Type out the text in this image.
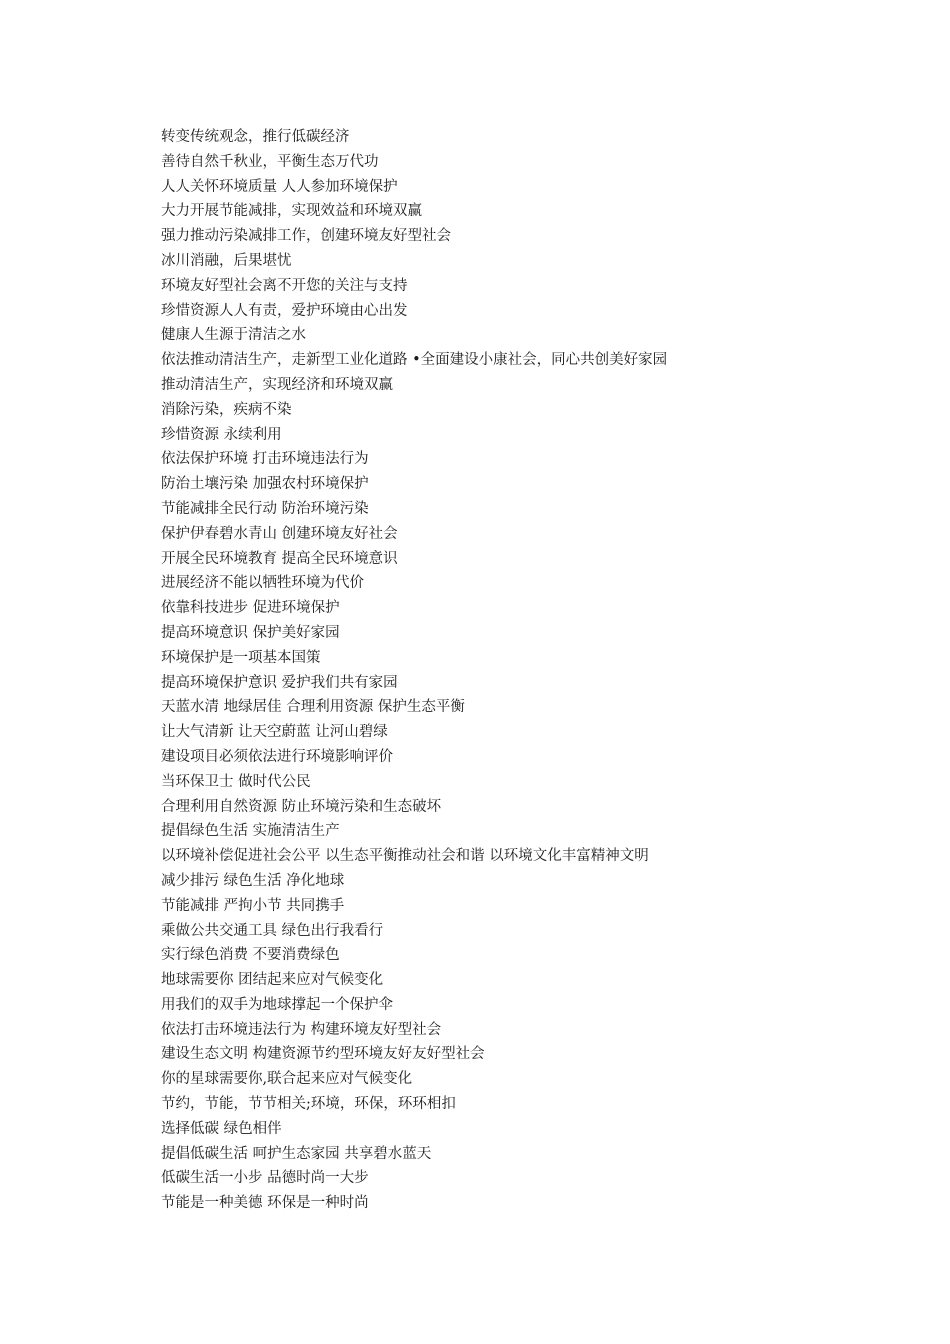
转变传统观念，推行低碳经济
善待自然千秋业，平衡生态万代功
人人关怀环境质量 人人参加环境保护
大力开展节能减排，实现效益和环境双赢
强力推动污染减排工作，创建环境友好型社会
冰川消融，后果堪忧
环境友好型社会离不开您的关注与支持
珍惜资源人人有责，爱护环境由心出发
健康人生源于清洁之水
依法推动清洁生产，走新型工业化道路 •全面建设小康社会，同心共创美好家园
推动清洁生产，实现经济和环境双赢
消除污染，疾病不染
珍惜资源 永续利用
依法保护环境 打击环境违法行为
防治土壤污染 加强农村环境保护
节能减排全民行动 防治环境污染
保护伊春碧水青山 创建环境友好社会
开展全民环境教育 提高全民环境意识
进展经济不能以牺牲环境为代价
依靠科技进步 促进环境保护
提高环境意识 保护美好家园
环境保护是一项基本国策
提高环境保护意识 爱护我们共有家园
天蓝水清 地绿居佳 合理利用资源 保护生态平衡
让大气清新 让天空蔚蓝 让河山碧绿
建设项目必须依法进行环境影响评价
当环保卫士 做时代公民
合理利用自然资源 防止环境污染和生态破坏
提倡绿色生活 实施清洁生产
以环境补偿促进社会公平 以生态平衡推动社会和谐 以环境文化丰富精神文明
减少排污 绿色生活 净化地球
节能减排 严拘小节 共同携手
乘做公共交通工具 绿色出行我看行
实行绿色消费 不要消费绿色
地球需要你 团结起来应对气候变化
用我们的双手为地球撑起一个保护伞
依法打击环境违法行为 构建环境友好型社会
建设生态文明 构建资源节约型环境友好友好型社会
你的星球需要你,联合起来应对气候变化
节约，节能，节节相关;环境，环保，环环相扣
选择低碳 绿色相伴
提倡低碳生活 呵护生态家园 共享碧水蓝天
低碳生活一小步 品德时尚一大步
节能是一种美德 环保是一种时尚
